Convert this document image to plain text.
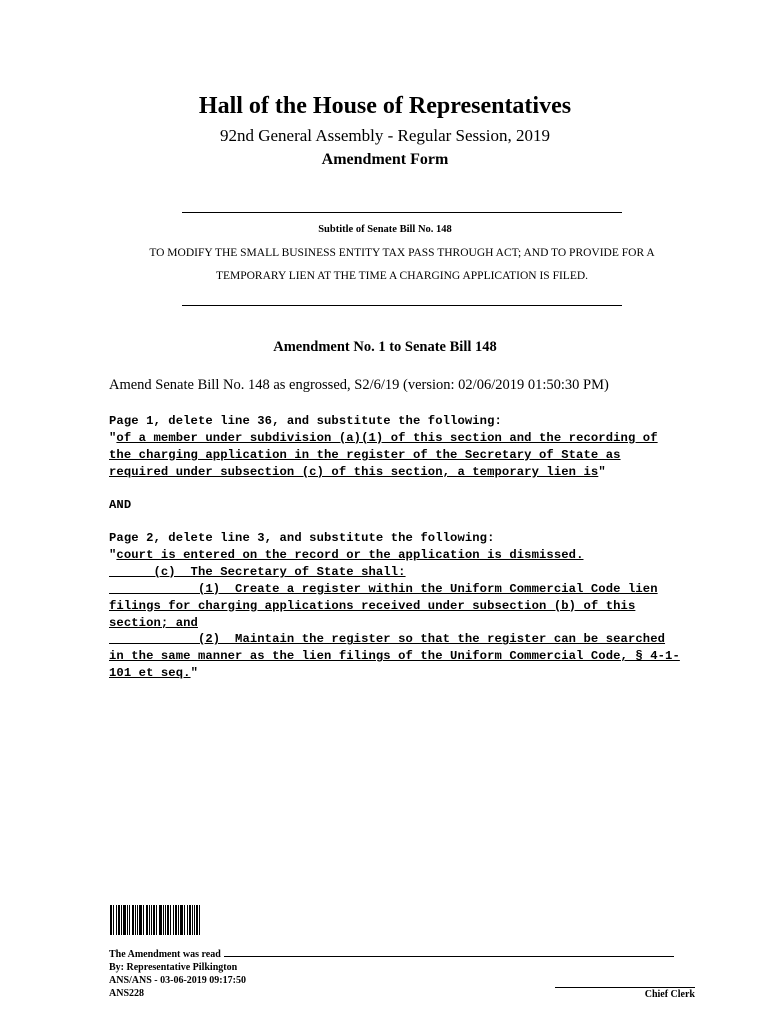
Hall of the House of Representatives
92nd General Assembly - Regular Session, 2019
Amendment Form
Subtitle of Senate Bill No. 148
TO MODIFY THE SMALL BUSINESS ENTITY TAX PASS THROUGH ACT; AND TO PROVIDE FOR A
TEMPORARY LIEN AT THE TIME A CHARGING APPLICATION IS FILED.
Amendment No. 1 to Senate Bill 148
Amend Senate Bill No. 148 as engrossed, S2/6/19 (version: 02/06/2019 01:50:30 PM)
Page 1, delete line 36, and substitute the following:
"of a member under subdivision (a)(1) of this section and the recording of
the charging application in the register of the Secretary of State as
required under subsection (c) of this section, a temporary lien is"
AND
Page 2, delete line 3, and substitute the following:
"court is entered on the record or the application is dismissed.
(c)  The Secretary of State shall:
(1)  Create a register within the Uniform Commercial Code lien
filings for charging applications received under subsection (b) of this
section; and
(2)  Maintain the register so that the register can be searched
in the same manner as the lien filings of the Uniform Commercial Code, § 4-1-
101 et seq."
The Amendment was read
By: Representative Pilkington
ANS/ANS - 03-06-2019 09:17:50
ANS228	Chief Clerk
